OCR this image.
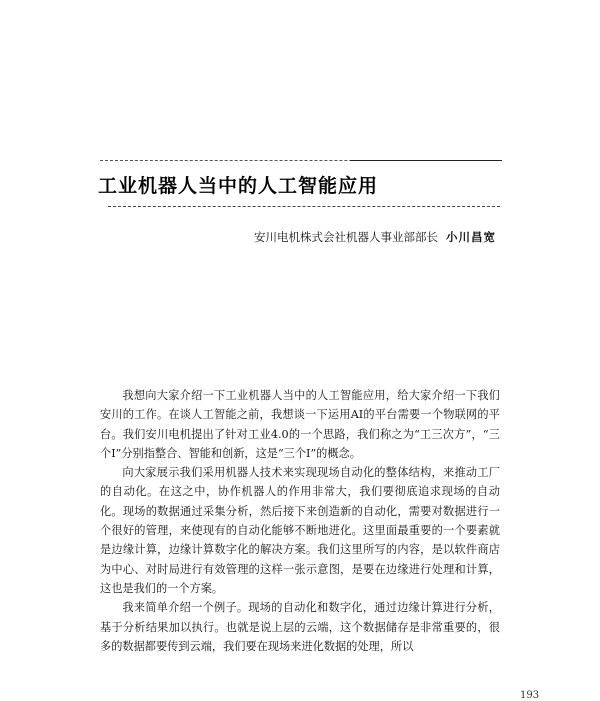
工业机器人当中的人工智能应用
安川电机株式会社机器人事业部部长 小川昌宽

我想向大家介绍一下工业机器人当中的人工智能应用，给大家介绍一下我们安川的工作。在谈人工智能之前，我想谈一下运用AI的平台需要一个物联网的平台。我们安川电机提出了针对工业4.0的一个思路，我们称之为“工三次方”，“三个I”分别指整合、智能和创新，这是“三个I”的概念。

向大家展示我们采用机器人技术来实现现场自动化的整体结构，来推动工厂的自动化。在这之中，协作机器人的作用非常大，我们要彻底追求现场的自动化。现场的数据通过采集分析，然后接下来创造新的自动化，需要对数据进行一个很好的管理，来使现有的自动化能够不断地进化。这里面最重要的一个要素就是边缘计算，边缘计算数字化的解决方案。我们这里所写的内容，是以软件商店为中心、对时局进行有效管理的这样一张示意图，是要在边缘进行处理和计算，这也是我们的一个方案。

我来简单介绍一个例子。现场的自动化和数字化，通过边缘计算进行分析，基于分析结果加以执行。也就是说上层的云端，这个数据储存是非常重要的，很多的数据都要传到云端，我们要在现场来进化数据的处理，所以

193
